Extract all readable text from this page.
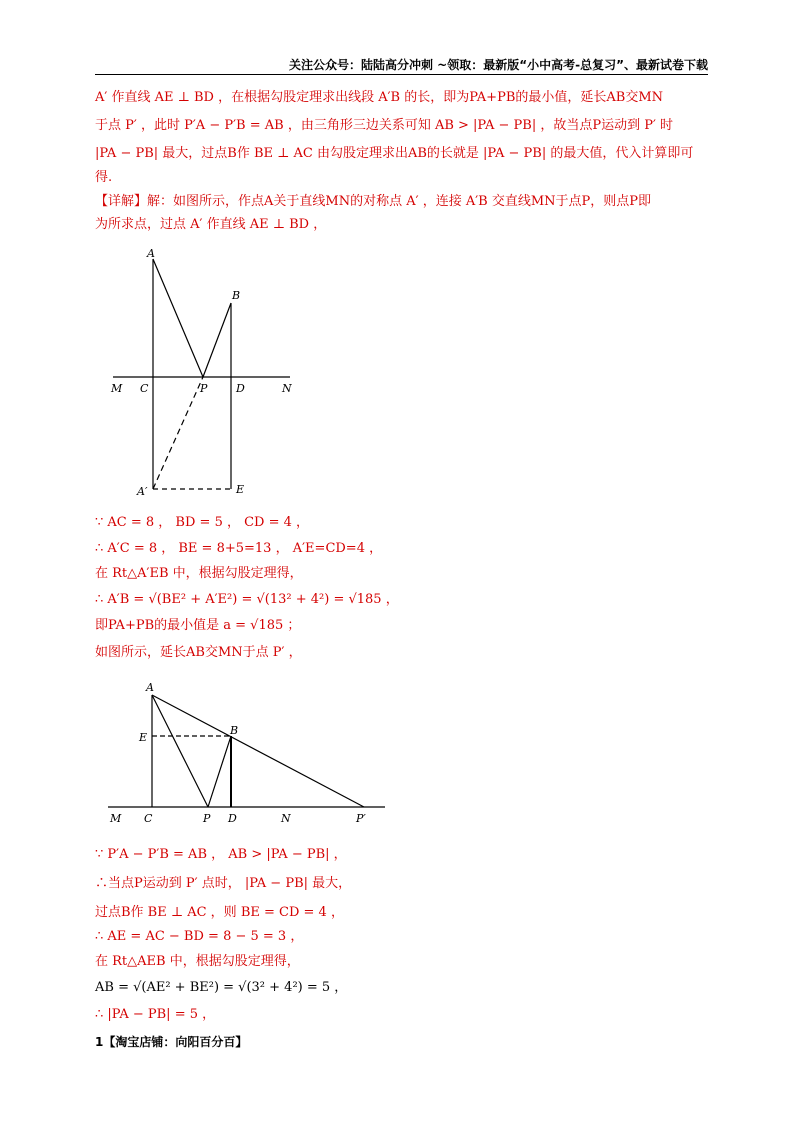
关注公众号：陆陆高分冲刺 ~领取：最新版“小中高考-总复习”、最新试卷下载
A′ 作直线 AE ⊥ BD ，在根据勾股定理求出线段 A′B 的长，即为PA+PB的最小值，延长AB交MN
于点 P′ ，此时 P′A − P′B = AB ，由三角形三边关系可知 AB > |PA − PB| ，故当点P运动到 P′ 时
|PA − PB| 最大，过点B作 BE ⊥ AC 由勾股定理求出AB的长就是 |PA − PB| 的最大值，代入计算即可
得.
【详解】解：如图所示，作点A关于直线MN的对称点 A′ ，连接 A′B 交直线MN于点P，则点P即
为所求点，过点 A′ 作直线 AE ⊥ BD ，
A
B
M C	P	D	N
A′	E
∵ AC = 8 ， BD = 5 ， CD = 4 ，
∴ A′C = 8 ， BE = 8+5=13 ， A′E=CD=4 ，
在 Rt△A′EB 中，根据勾股定理得，
∴ A′B = √(BE² + A′E²) = √(13² + 4²) = √185 ，
即PA+PB的最小值是 a = √185 ；
如图所示，延长AB交MN于点 P′ ，
A
E
B
M C	P D	N	P′
∵ P′A − P′B = AB ， AB > |PA − PB| ，
∴当点P运动到 P′ 点时， |PA − PB| 最大，
过点B作 BE ⊥ AC ，则 BE = CD = 4 ，
∴ AE = AC − BD = 8 − 5 = 3 ，
在 Rt△AEB 中，根据勾股定理得，
AB = √(AE² + BE²) = √(3² + 4²) = 5 ，
∴ |PA − PB| = 5 ，
1【淘宝店铺：向阳百分百】
